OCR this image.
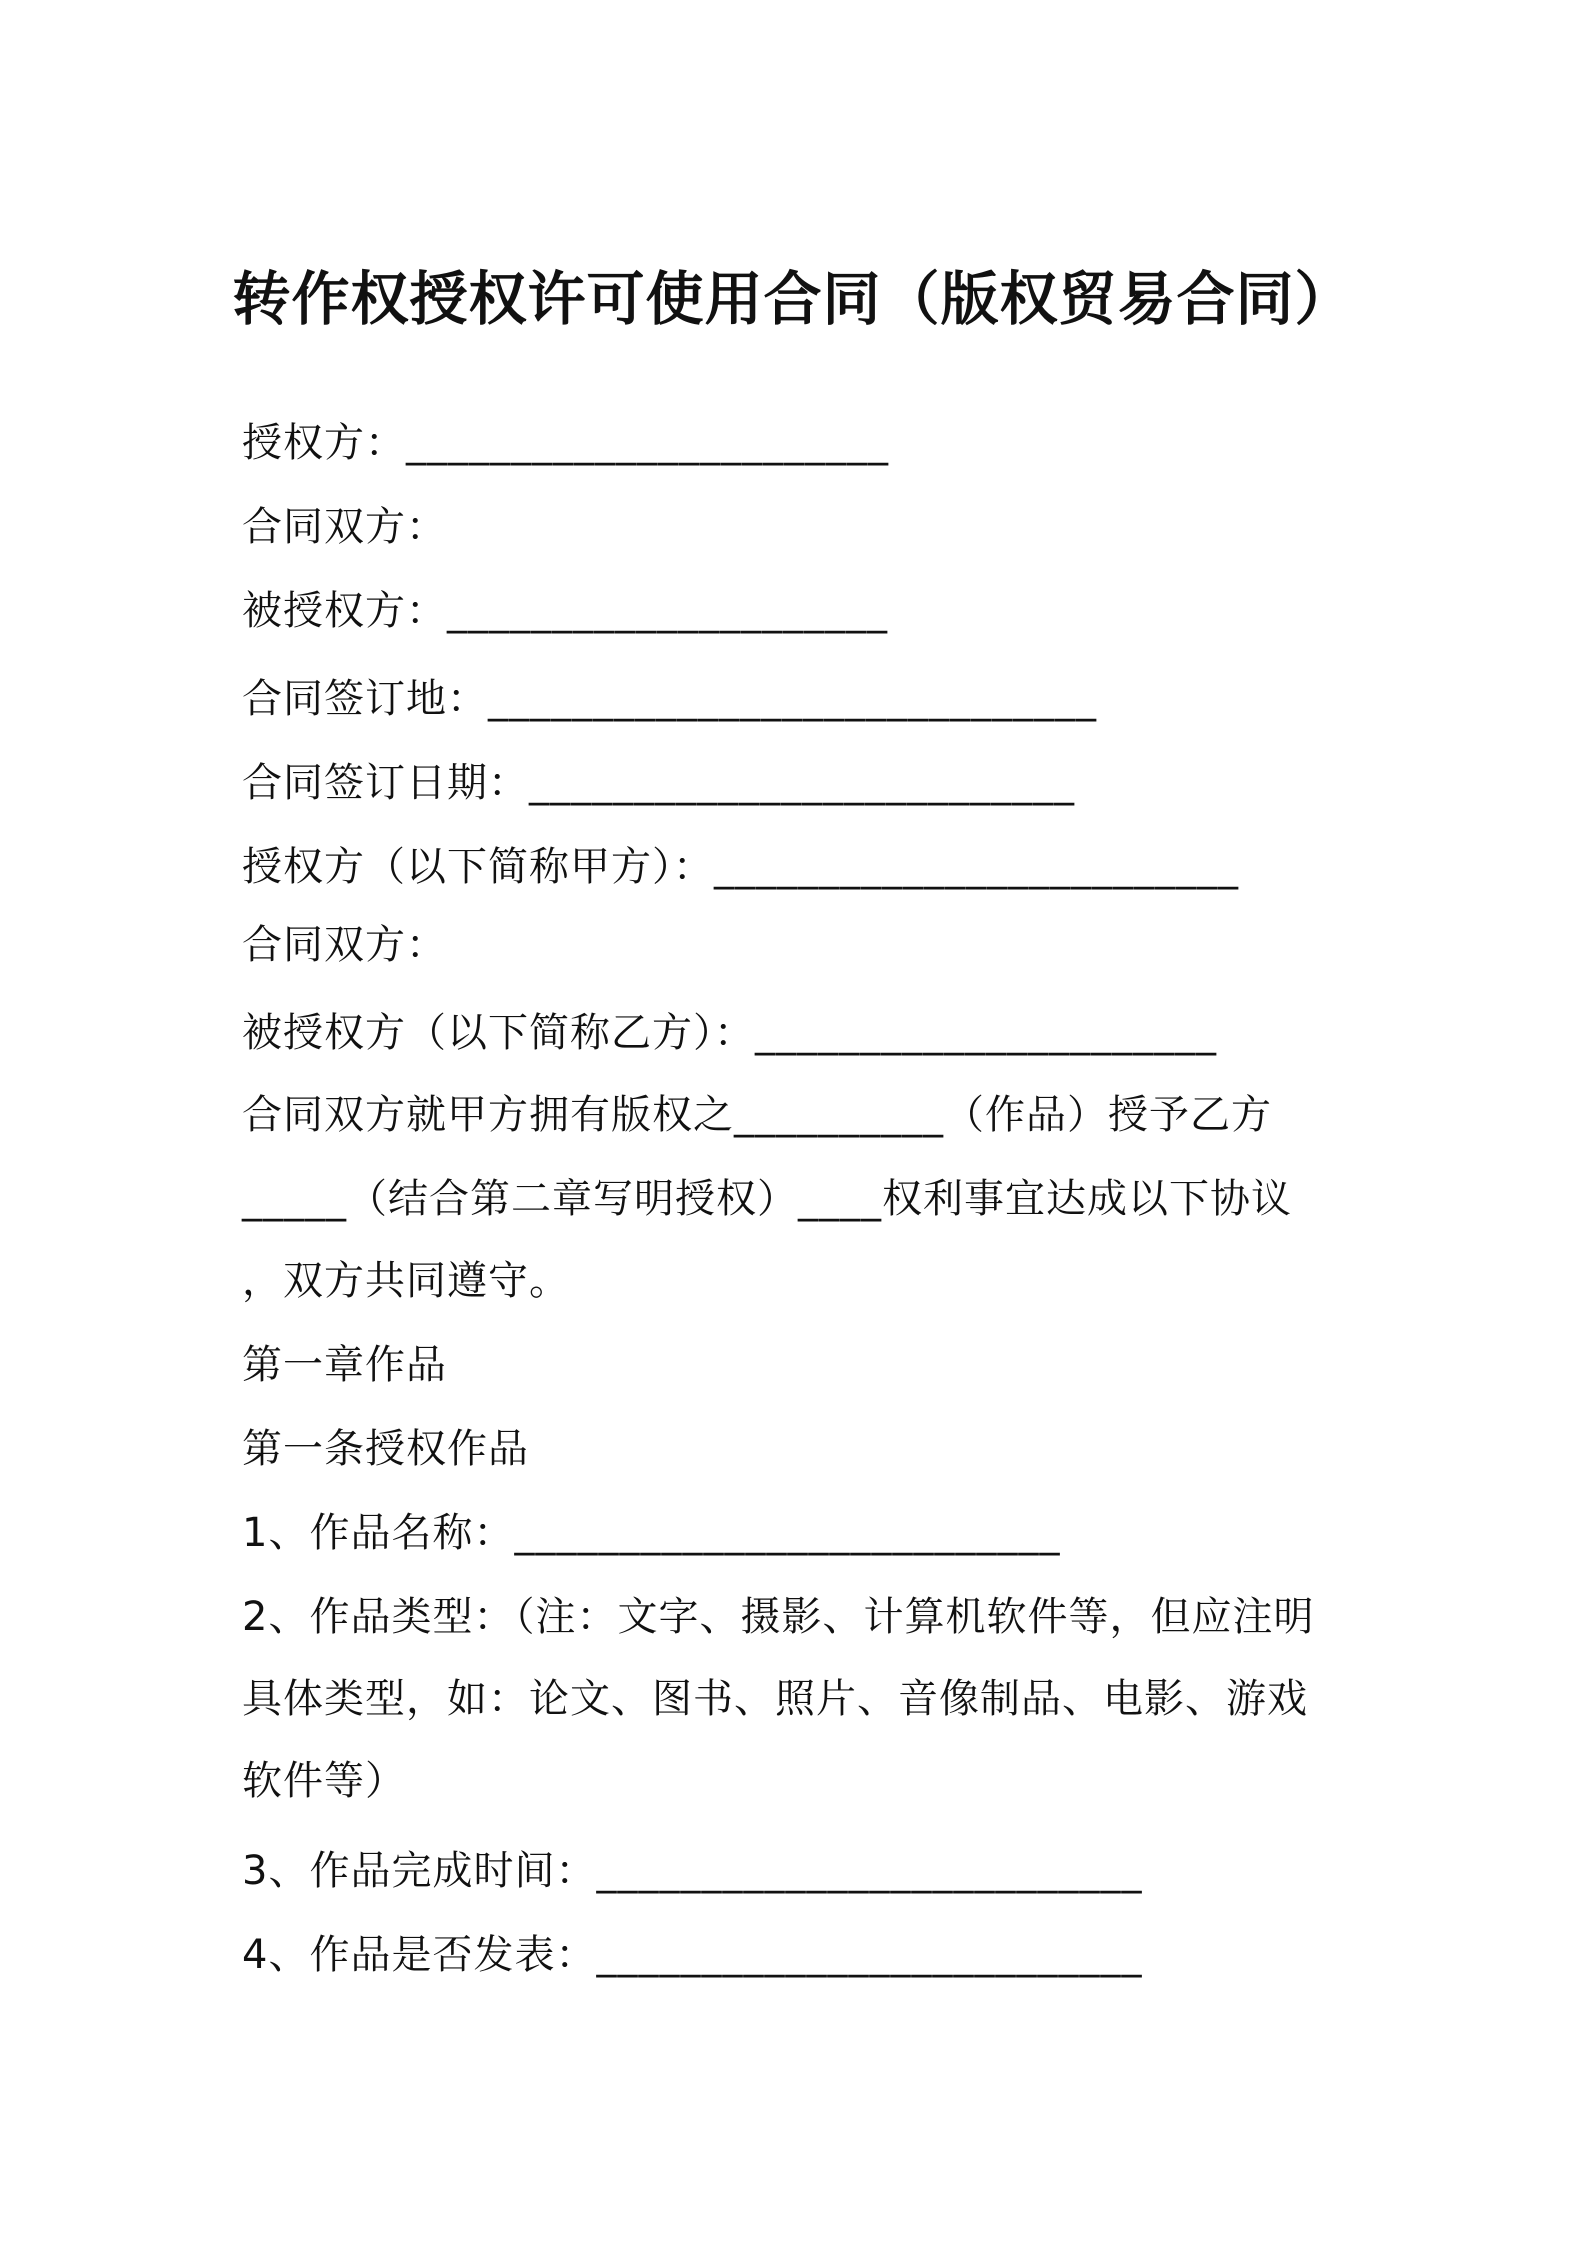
转作权授权许可使用合同（版权贸易合同）
授权方：_______________________
合同双方：
被授权方：_____________________
合同签订地：_____________________________
合同签订日期：__________________________
授权方（以下简称甲方）：_________________________
合同双方：
被授权方（以下简称乙方）：______________________
合同双方就甲方拥有版权之__________（作品）授予乙方
_____（结合第二章写明授权）____权利事宜达成以下协议
，双方共同遵守。
第一章作品
第一条授权作品
1、作品名称：__________________________
2、作品类型：（注：文字、摄影、计算机软件等，但应注明
具体类型，如：论文、图书、照片、音像制品、电影、游戏
软件等）
3、作品完成时间：__________________________
4、作品是否发表：__________________________
